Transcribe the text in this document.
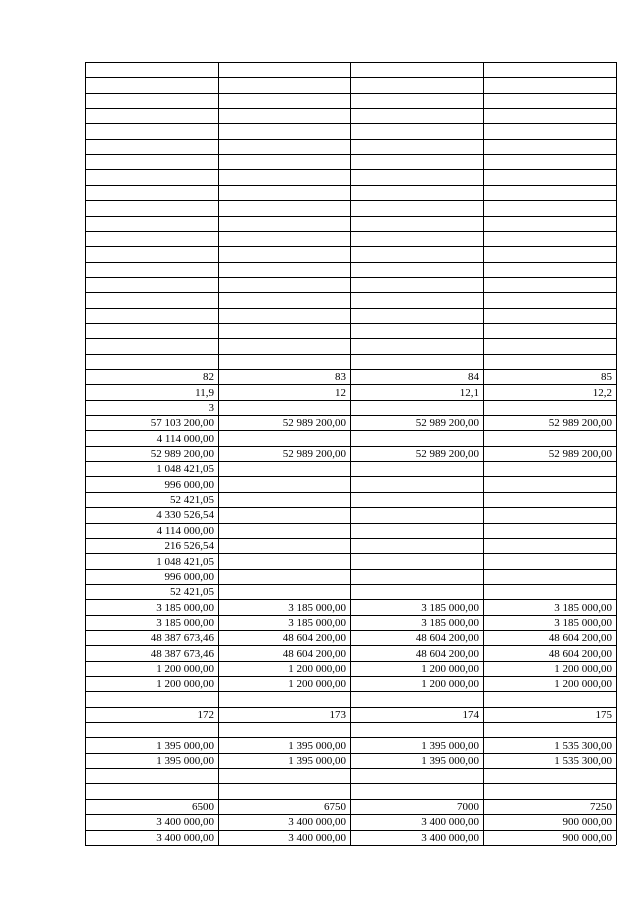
82	83	84	85
11,9	12	12,1	12,2
3
57 103 200,00	52 989 200,00	52 989 200,00	52 989 200,00
4 114 000,00
52 989 200,00	52 989 200,00	52 989 200,00	52 989 200,00
1 048 421,05
996 000,00
52 421,05
4 330 526,54
4 114 000,00
216 526,54
1 048 421,05
996 000,00
52 421,05
3 185 000,00	3 185 000,00	3 185 000,00	3 185 000,00
3 185 000,00	3 185 000,00	3 185 000,00	3 185 000,00
48 387 673,46	48 604 200,00	48 604 200,00	48 604 200,00
48 387 673,46	48 604 200,00	48 604 200,00	48 604 200,00
1 200 000,00	1 200 000,00	1 200 000,00	1 200 000,00
1 200 000,00	1 200 000,00	1 200 000,00	1 200 000,00
172	173	174	175
1 395 000,00	1 395 000,00	1 395 000,00	1 535 300,00
1 395 000,00	1 395 000,00	1 395 000,00	1 535 300,00
6500	6750	7000	7250
3 400 000,00	3 400 000,00	3 400 000,00	900 000,00
3 400 000,00	3 400 000,00	3 400 000,00	900 000,00
